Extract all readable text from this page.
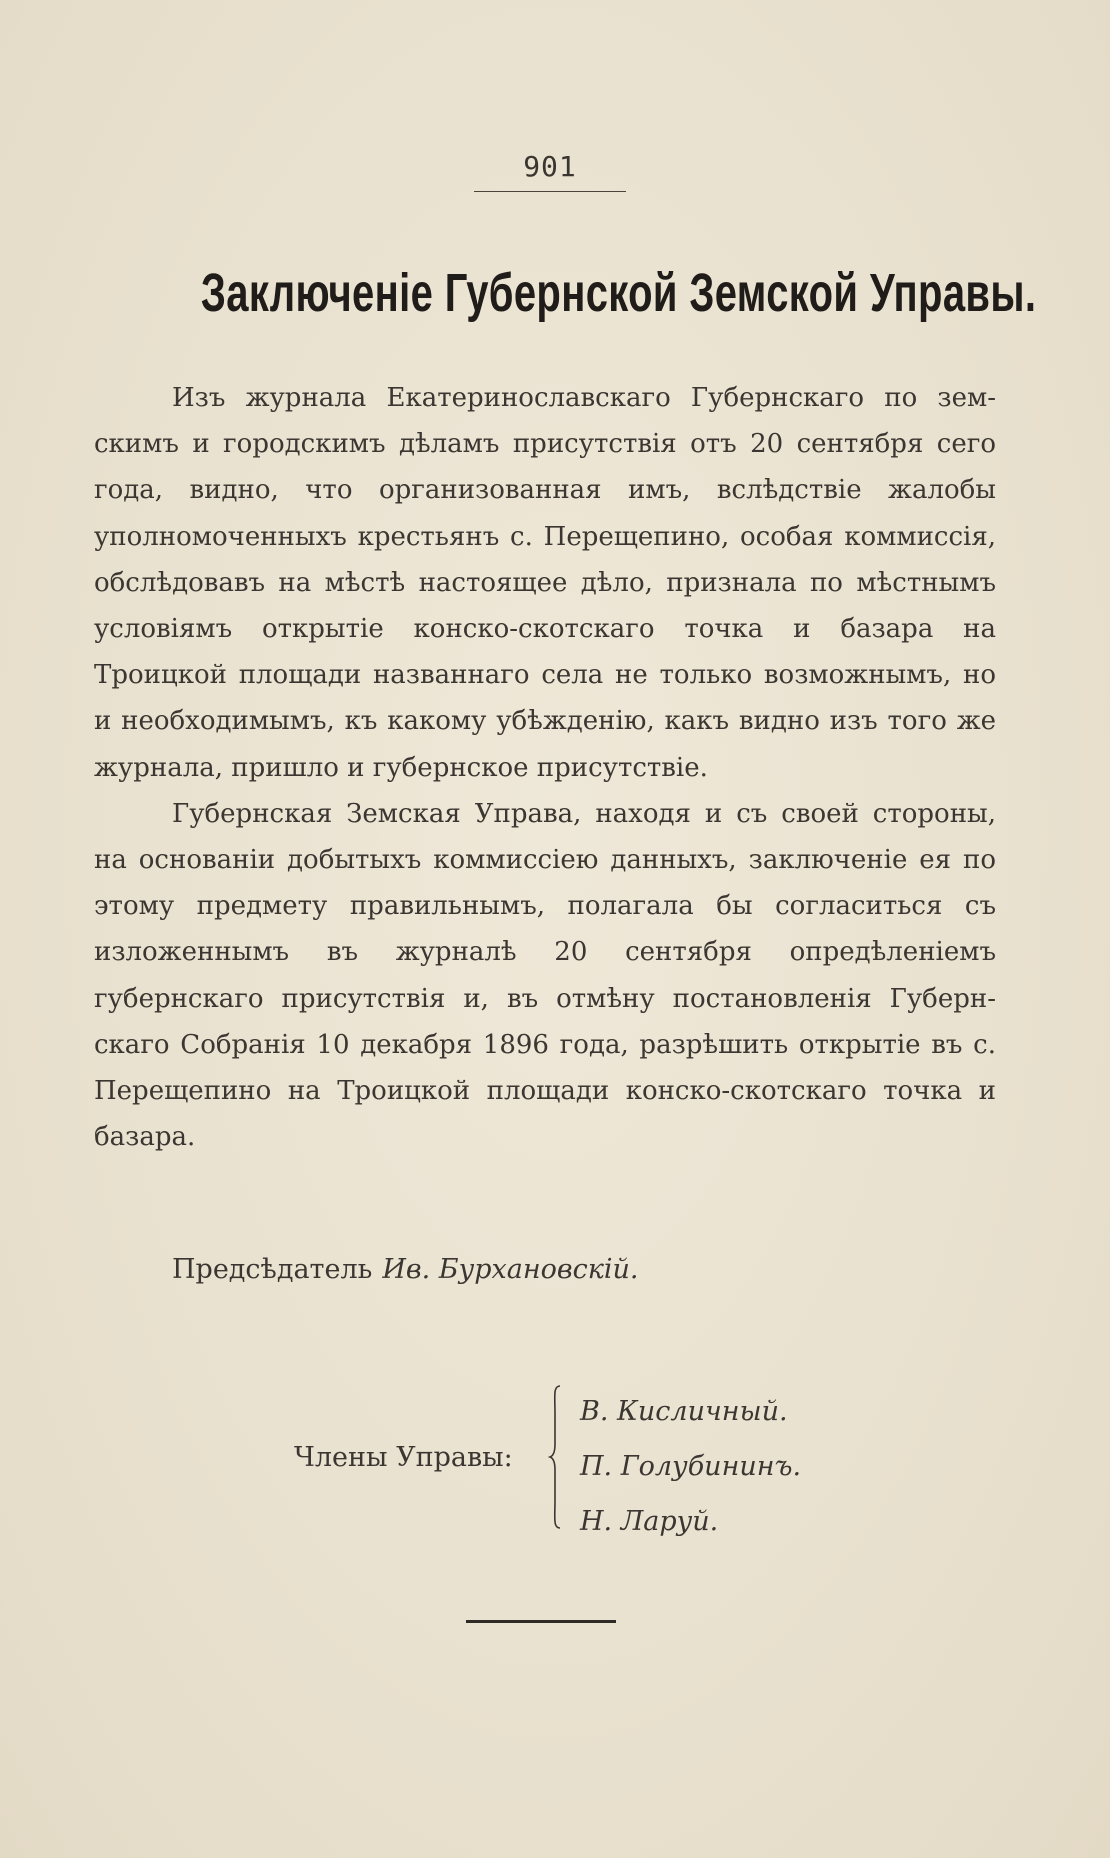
901
Заключеніе Губернской Земской Управы.

Изъ журнала Екатеринославскаго Губернскаго по земскимъ и городскимъ дѣламъ присутствія отъ 20 сентября сего года, видно, что организованная имъ, вслѣдствіе жалобы уполномоченныхъ крестьянъ с. Перещепино, особая коммиссія, обслѣдовавъ на мѣстѣ настоящее дѣло, признала по мѣстнымъ условіямъ открытіе конско-скотскаго точка и базара на Троицкой площади названнаго села не только возможнымъ, но и необходимымъ, къ какому убѣжденію, какъ видно изъ того же журнала, пришло и губернское присутствіе.

Губернская Земская Управа, находя и съ своей стороны, на основаніи добытыхъ коммиссіею данныхъ, заключеніе ея по этому предмету правильнымъ, полагала бы согласиться съ изложеннымъ въ журналѣ 20 сентября опредѣленіемъ губернскаго присутствія и, въ отмѣну постановленія Губернскаго Собранія 10 декабря 1896 года, разрѣшить открытіе въ с. Перещепино на Троицкой площади конско-скотскаго точка и базара.

Предсѣдатель Ив. Бурхановскій.
Члены Управы:
В. Кисличный.
П. Голубининъ.
Н. Ларуй.
